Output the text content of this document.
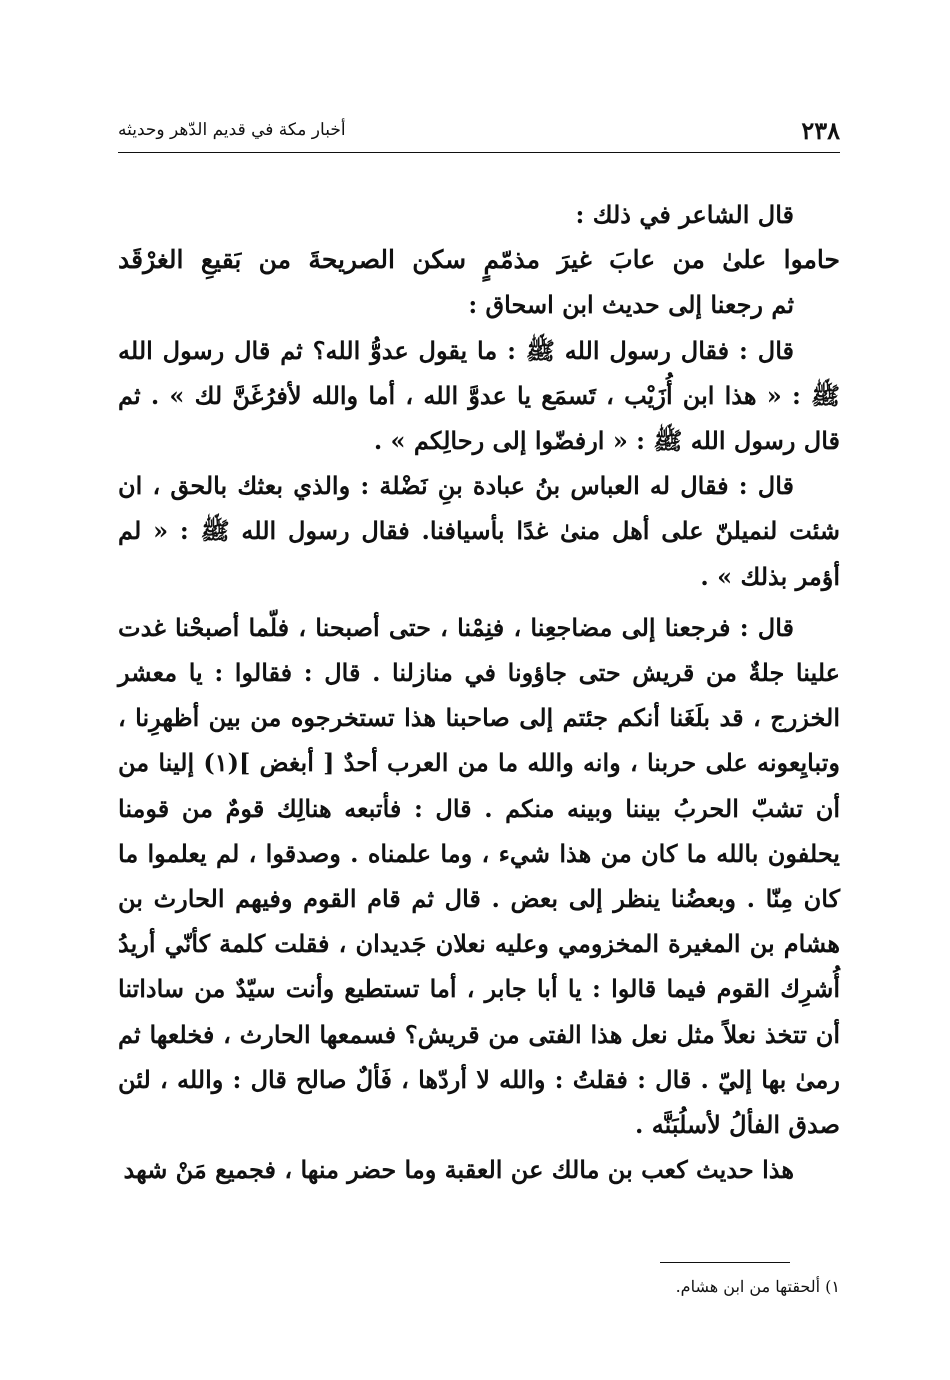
٢٣٨
أخبار مكة في قديم الدّهر وحديثه

قال الشاعر في ذلك :

حاموا علىٰ من عابَ غيرَ مذمّمٍ سكن الصريحةَ من بَقيعِ الغرْقَد

ثم رجعنا إلى حديث ابن اسحاق :

قال : فقال رسول الله ﷺ : ما يقول عدوُّ الله؟ ثم قال رسول الله ﷺ : « هذا ابن أُزَيْب ، تَسمَع يا عدوَّ الله ، أما والله لأفرُغَنَّ لك » . ثم قال رسول الله ﷺ : « ارفضّوا إلى رحالِكم » .

قال : فقال له العباس بنُ عبادة بنِ نَضْلة : والذي بعثك بالحق ، ان شئت لنميلنّ على أهل منىٰ غدًا بأسيافنا. فقال رسول الله ﷺ : « لم أؤمر بذلك » .

قال : فرجعنا إلى مضاجعِنا ، فنِمْنا ، حتى أصبحنا ، فلّما أصبحْنا غدت علينا جلةٌ من قريش حتى جاؤونا في منازلنا . قال : فقالوا : يا معشر الخزرج ، قد بلَغَنا أنكم جئتم إلى صاحبنا هذا تستخرجوه من بين أظهرِنا ، وتبايِعونه على حربنا ، وانه والله ما من العرب أحدٌ [ أبغض ](١) إلينا من أن تشبّ الحربُ بيننا وبينه منكم . قال : فأتبعه هنالِك قومٌ من قومنا يحلفون بالله ما كان من هذا شيء ، وما علمناه . وصدقوا ، لم يعلموا ما كان مِنّا . وبعضُنا ينظر إلى بعض . قال ثم قام القوم وفيهم الحارث بن هشام بن المغيرة المخزومي وعليه نعلان جَديدان ، فقلت كلمة كأنّي أريدُ أُشرِك القوم فيما قالوا : يا أبا جابر ، أما تستطيع وأنت سيّدٌ من ساداتنا أن تتخذ نعلاً مثل نعل هذا الفتى من قريش؟ فسمعها الحارث ، فخلعها ثم رمىٰ بها إليّ . قال : فقلتُ : والله لا أردّها ، فَألٌ صالح قال : والله ، لئن صدق الفألُ لأسلُبَنَّه .

هذا حديث كعب بن مالك عن العقبة وما حضر منها ، فجميع مَنْ شهد

١) ألحقتها من ابن هشام.
